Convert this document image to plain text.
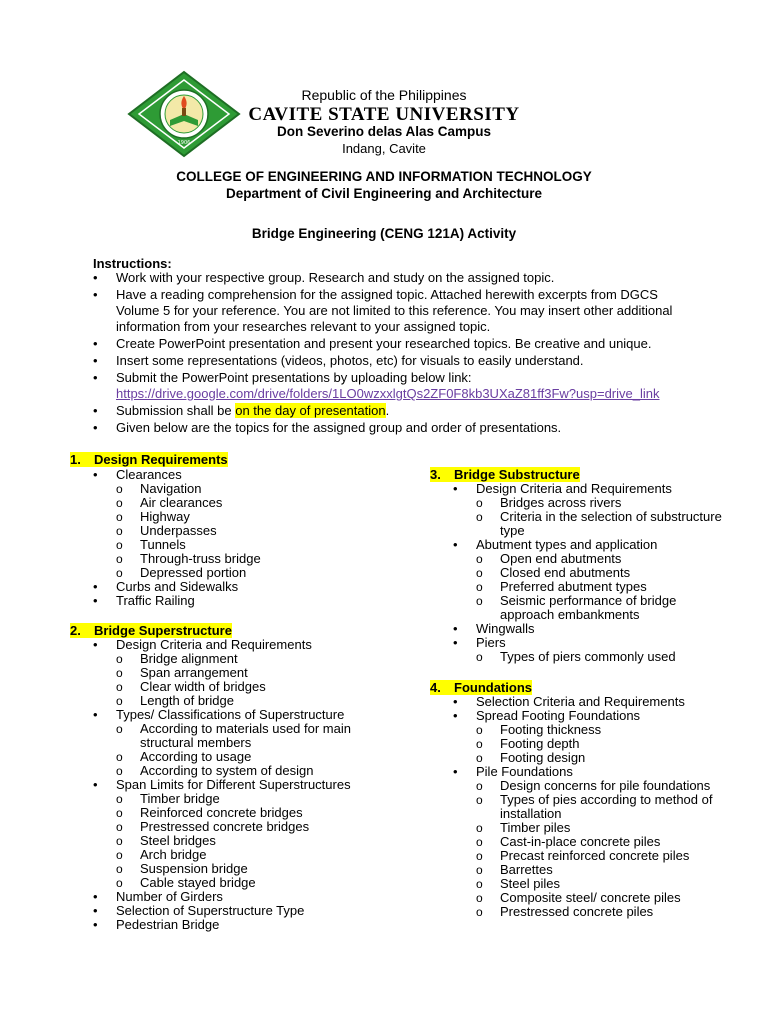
1906
Republic of the Philippines
CAVITE STATE UNIVERSITY
Don Severino delas Alas Campus
Indang, Cavite
COLLEGE OF ENGINEERING AND INFORMATION TECHNOLOGY
Department of Civil Engineering and Architecture
Bridge Engineering (CENG 121A) Activity
Instructions:
• Work with your respective group. Research and study on the assigned topic.
• Have a reading comprehension for the assigned topic. Attached herewith excerpts from DGCS Volume 5 for your reference. You are not limited to this reference. You may insert other additional information from your researches relevant to your assigned topic.
• Create PowerPoint presentation and present your researched topics. Be creative and unique.
• Insert some representations (videos, photos, etc) for visuals to easily understand.
• Submit the PowerPoint presentations by uploading below link:
https://drive.google.com/drive/folders/1LO0wzxxlgtQs2ZF0F8kb3UXaZ81ff3Fw?usp=drive_link
• Submission shall be on the day of presentation.
• Given below are the topics for the assigned group and order of presentations.
1. Design Requirements
• Clearances
o Navigation
o Air clearances
o Highway
o Underpasses
o Tunnels
o Through-truss bridge
o Depressed portion
• Curbs and Sidewalks
• Traffic Railing
2. Bridge Superstructure
• Design Criteria and Requirements
o Bridge alignment
o Span arrangement
o Clear width of bridges
o Length of bridge
• Types/ Classifications of Superstructure
o According to materials used for main structural members
o According to usage
o According to system of design
• Span Limits for Different Superstructures
o Timber bridge
o Reinforced concrete bridges
o Prestressed concrete bridges
o Steel bridges
o Arch bridge
o Suspension bridge
o Cable stayed bridge
• Number of Girders
• Selection of Superstructure Type
• Pedestrian Bridge
3. Bridge Substructure
• Design Criteria and Requirements
o Bridges across rivers
o Criteria in the selection of substructure type
• Abutment types and application
o Open end abutments
o Closed end abutments
o Preferred abutment types
o Seismic performance of bridge approach embankments
• Wingwalls
• Piers
o Types of piers commonly used
4. Foundations
• Selection Criteria and Requirements
• Spread Footing Foundations
o Footing thickness
o Footing depth
o Footing design
• Pile Foundations
o Design concerns for pile foundations
o Types of pies according to method of installation
o Timber piles
o Cast-in-place concrete piles
o Precast reinforced concrete piles
o Barrettes
o Steel piles
o Composite steel/ concrete piles
o Prestressed concrete piles
